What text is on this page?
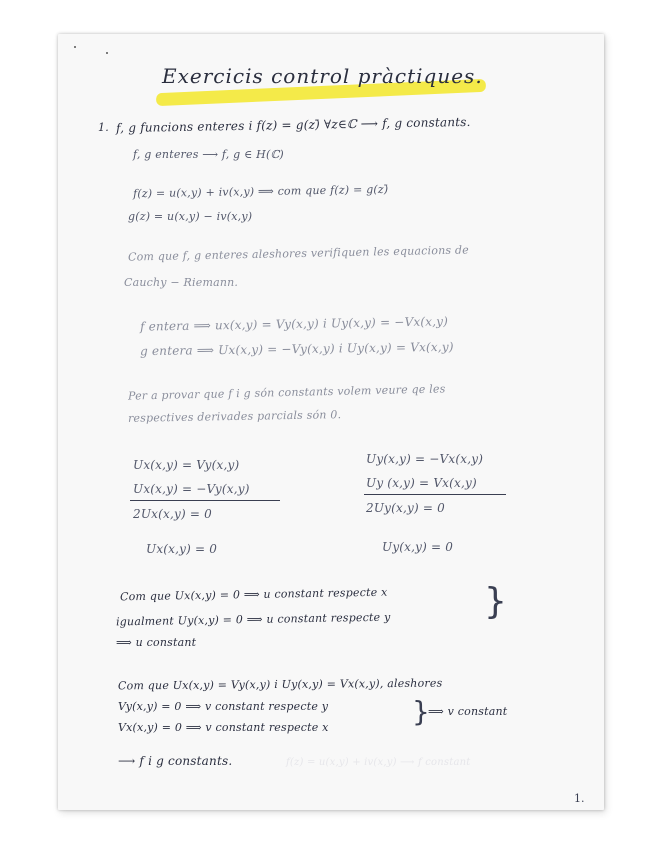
Exercicis control pràctiques.
1. f, g funcions enteres i f(z) = g(z)̄ ∀z∈ℂ ⟶ f, g constants.
f, g enteres ⟶ f, g ∈ H(ℂ)
f(z) = u(x,y) + iv(x,y) ⟹ com que f(z) = g(z)̄
g(z) = u(x,y) − iv(x,y)
Com que f, g enteres aleshores verifiquen les equacions de
Cauchy − Riemann.
f entera ⟹ ux(x,y) = Vy(x,y) i Uy(x,y) = −Vx(x,y)
g entera ⟹ Ux(x,y) = −Vy(x,y) i Uy(x,y) = Vx(x,y)
Per a provar que f i g són constants volem veure qe les
respectives derivades parcials són 0.
Ux(x,y) = Vy(x,y)
Ux(x,y) = −Vy(x,y)
2Ux(x,y) = 0
Ux(x,y) = 0
Uy(x,y) = −Vx(x,y)
Uy (x,y) = Vx(x,y)
2Uy(x,y) = 0
Uy(x,y) = 0
Com que Ux(x,y) = 0 ⟹ u constant respecte x
igualment Uy(x,y) = 0 ⟹ u constant respecte y	}
⟹ u constant
Com que Ux(x,y) = Vy(x,y) i Uy(x,y) = Vx(x,y), aleshores
Vy(x,y) = 0 ⟹ v constant respecte y
Vx(x,y) = 0 ⟹ v constant respecte x	}
⟹ v constant
⟶ f i g constants.	f(z) = u(x,y) + iv(x,y) ⟶ f constant
1.
